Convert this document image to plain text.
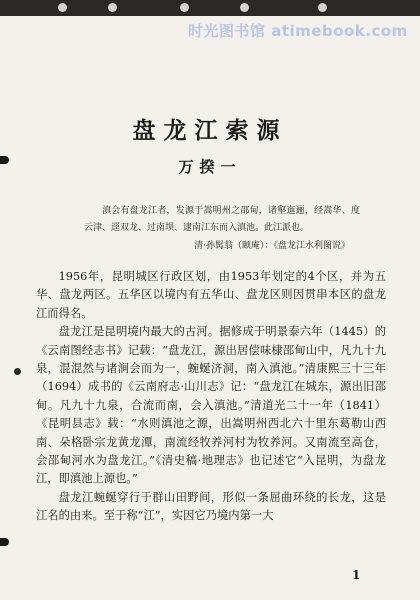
时光图书馆 atimebook.com
盘龙江索源
万揆一
滇会有盘龙江者，发源于嵩明州之邵甸，诸壑迤逦，经嵩华、度云津、逕双龙、过南坝、逮南江东而入滇池。此江派也。
清·孙髯翁（颐庵）：《盘龙江水利图说》

1956年，昆明城区行政区划，由1953年划定的4个区，并为五华、盘龙两区。五华区以境内有五华山、盘龙区则因贯串本区的盘龙江而得名。

盘龙江是昆明境内最大的古河。据修成于明景泰六年（1445）的《云南图经志书》记载：“盘龙江，源出居偿味棣邵甸山中，凡九十九泉，混混然与诸涧会而为一，蜿蜒济洞，南入滇池。”清康熙三十三年（1694）成书的《云南府志·山川志》记：“盘龙江在城东，源出旧邵甸。凡九十九泉，合流而南，会入滇池。”清道光二十一年（1841）《昆明县志》载：“水则滇池之源，出嵩明州西北六十里东葛勒山西南、朵格卧宗龙黄龙潭，南流经牧养河村为牧养河。又南流至高仓，会邵甸河水为盘龙江。”《清史稿·地理志》也记述它“入昆明，为盘龙江，即滇池上源也。”

盘龙江蜿蜒穿行于群山田野间，形似一条屈曲环绕的长龙，这是江名的由来。至于称“江”，实因它乃境内第一大

1
